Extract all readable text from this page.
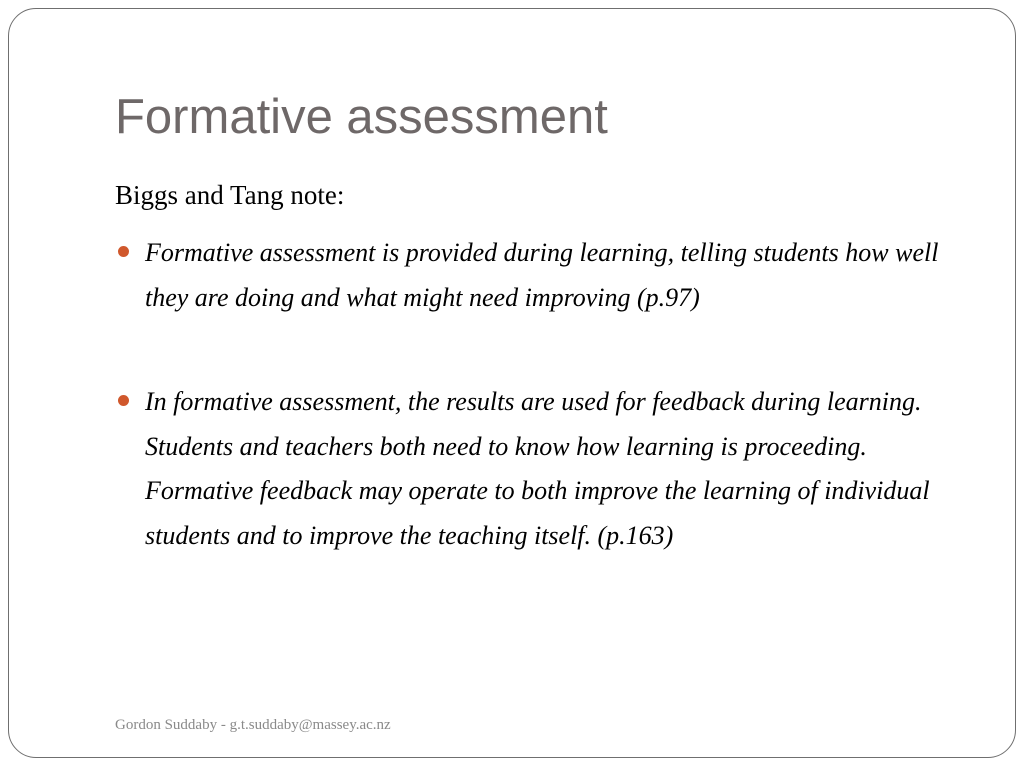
Formative assessment

Biggs and Tang note:

Formative assessment is provided during learning, telling students how well they are doing and what might need improving (p.97)
In formative assessment, the results are used for feedback during learning. Students and teachers both need to know how learning is proceeding. Formative feedback may operate to both improve the learning of individual students and to improve the teaching itself. (p.163)

Gordon Suddaby - g.t.suddaby@massey.ac.nz
